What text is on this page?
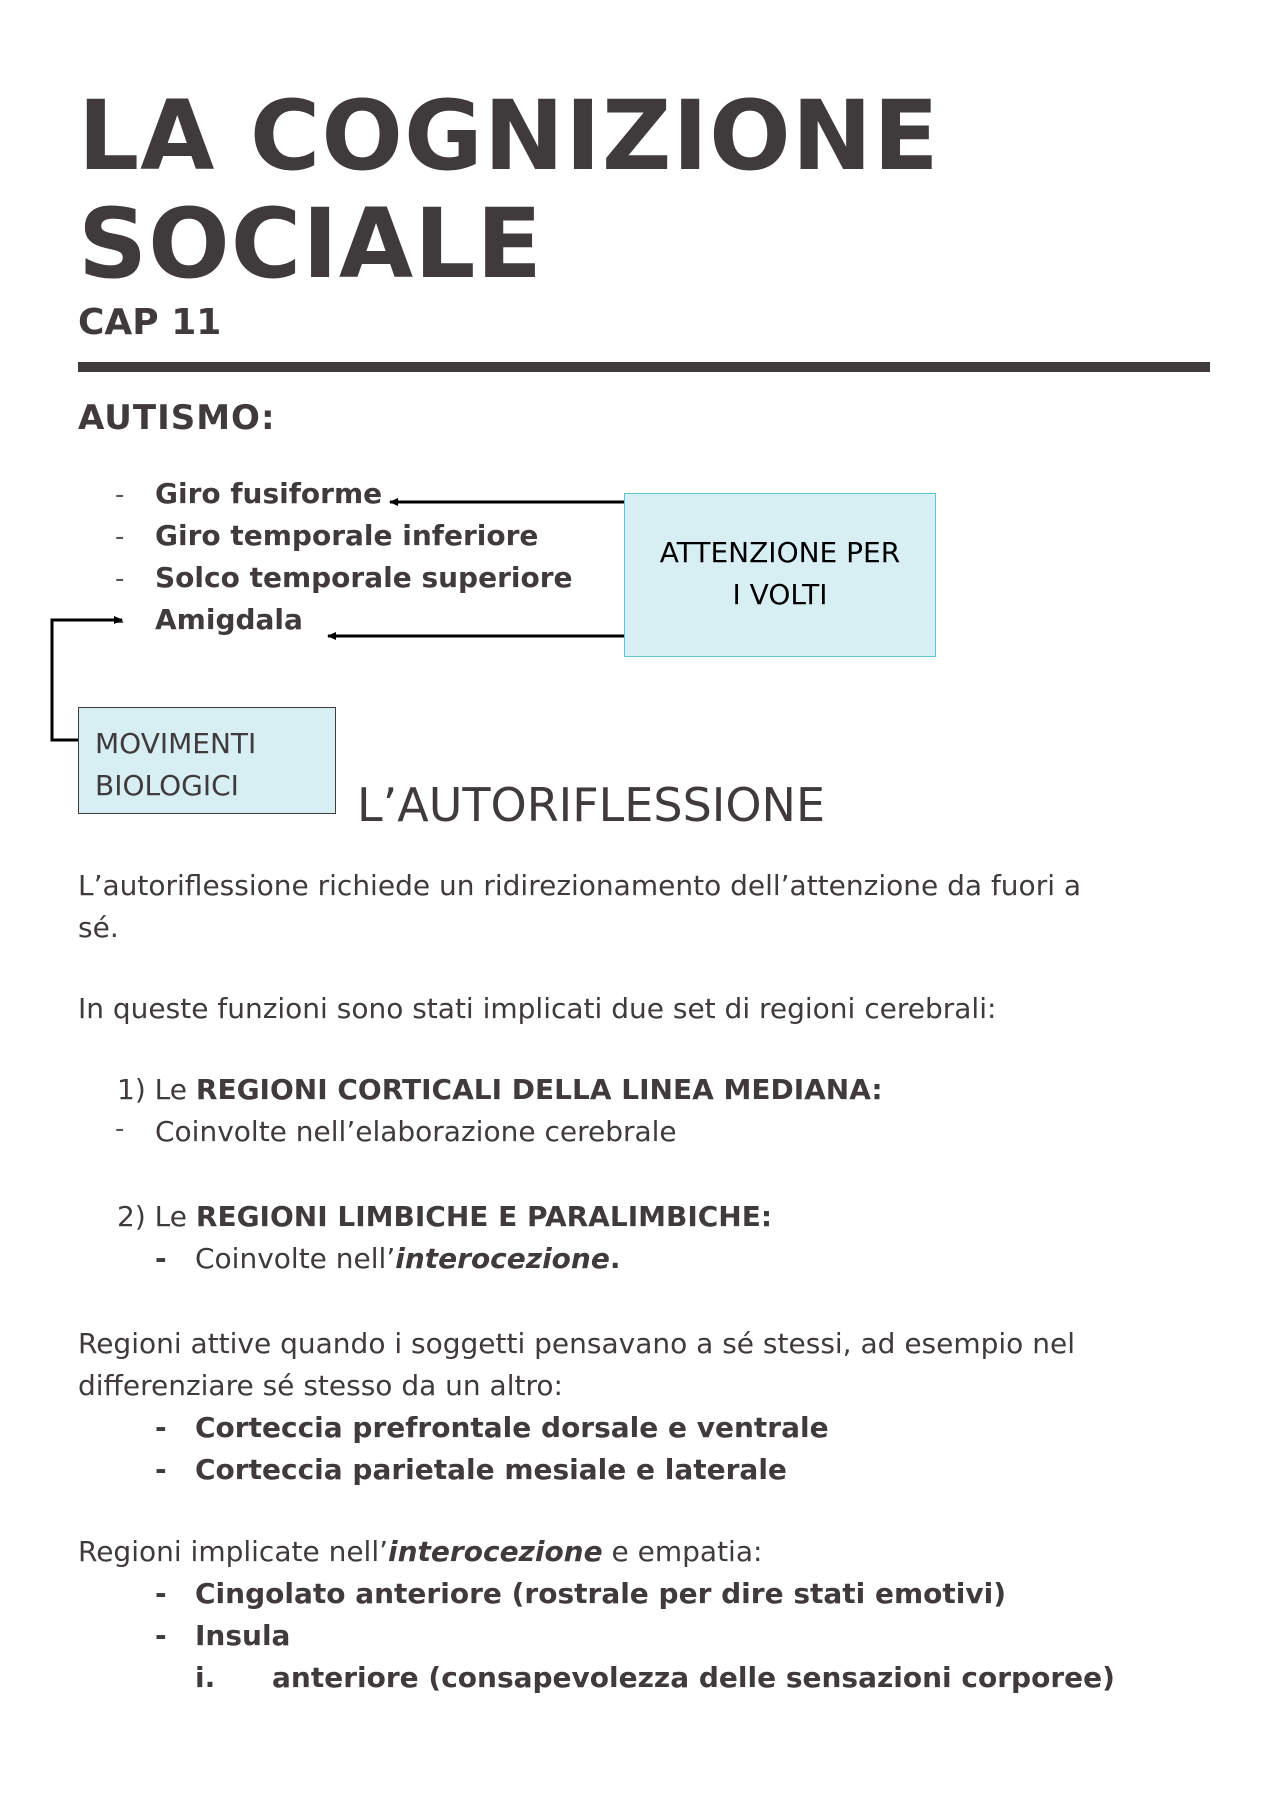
LA COGNIZIONE
SOCIALE
CAP 11
AUTISMO:
- Giro fusiforme
- Giro temporale inferiore
- Solco temporale superiore
- Amigdala
ATTENZIONE PER
I VOLTI
MOVIMENTI
BIOLOGICI	L’AUTORIFLESSIONE
L’autoriflessione richiede un ridirezionamento dell’attenzione da fuori a
sé.
In queste funzioni sono stati implicati due set di regioni cerebrali:
1) Le REGIONI CORTICALI DELLA LINEA MEDIANA:
- Coinvolte nell’elaborazione cerebrale
2) Le REGIONI LIMBICHE E PARALIMBICHE:
- Coinvolte nell’interocezione.
Regioni attive quando i soggetti pensavano a sé stessi, ad esempio nel
differenziare sé stesso da un altro:
- Corteccia prefrontale dorsale e ventrale
- Corteccia parietale mesiale e laterale
Regioni implicate nell’interocezione e empatia:
- Cingolato anteriore (rostrale per dire stati emotivi)
- Insula
i. anteriore (consapevolezza delle sensazioni corporee)
